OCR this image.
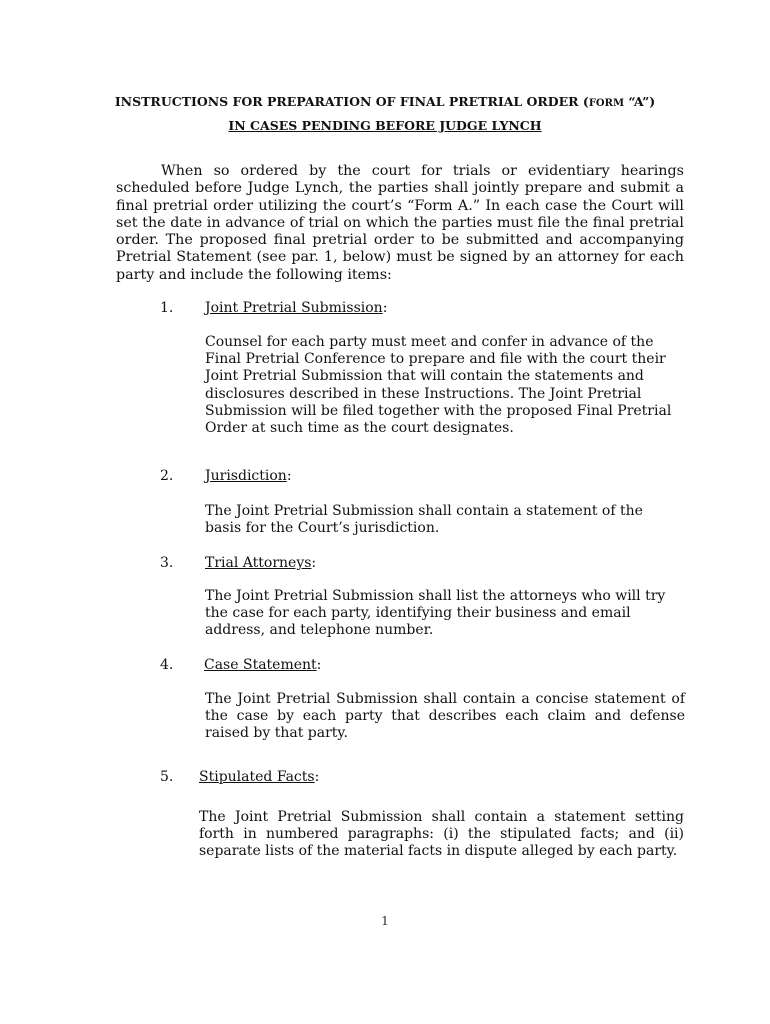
INSTRUCTIONS FOR PREPARATION OF FINAL PRETRIAL ORDER (FORM “A”)
IN CASES PENDING BEFORE JUDGE LYNCH

When so ordered by the court for trials or evidentiary hearings scheduled before Judge Lynch, the parties shall jointly prepare and submit a final pretrial order utilizing the court’s “Form A.” In each case the Court will set the date in advance of trial on which the parties must file the final pretrial order. The proposed final pretrial order to be submitted and accompanying Pretrial Statement (see par. 1, below) must be signed by an attorney for each party and include the following items:

1. Joint Pretrial Submission:

Counsel for each party must meet and confer in advance of the Final Pretrial Conference to prepare and file with the court their Joint Pretrial Submission that will contain the statements and disclosures described in these Instructions. The Joint Pretrial Submission will be filed together with the proposed Final Pretrial Order at such time as the court designates.

2. Jurisdiction:

The Joint Pretrial Submission shall contain a statement of the basis for the Court’s jurisdiction.

3. Trial Attorneys:

The Joint Pretrial Submission shall list the attorneys who will try the case for each party, identifying their business and email address, and telephone number.

4. Case Statement:

The Joint Pretrial Submission shall contain a concise statement of the case by each party that describes each claim and defense raised by that party.

5. Stipulated Facts:

The Joint Pretrial Submission shall contain a statement setting forth in numbered paragraphs: (i) the stipulated facts; and (ii) separate lists of the material facts in dispute alleged by each party.

1
